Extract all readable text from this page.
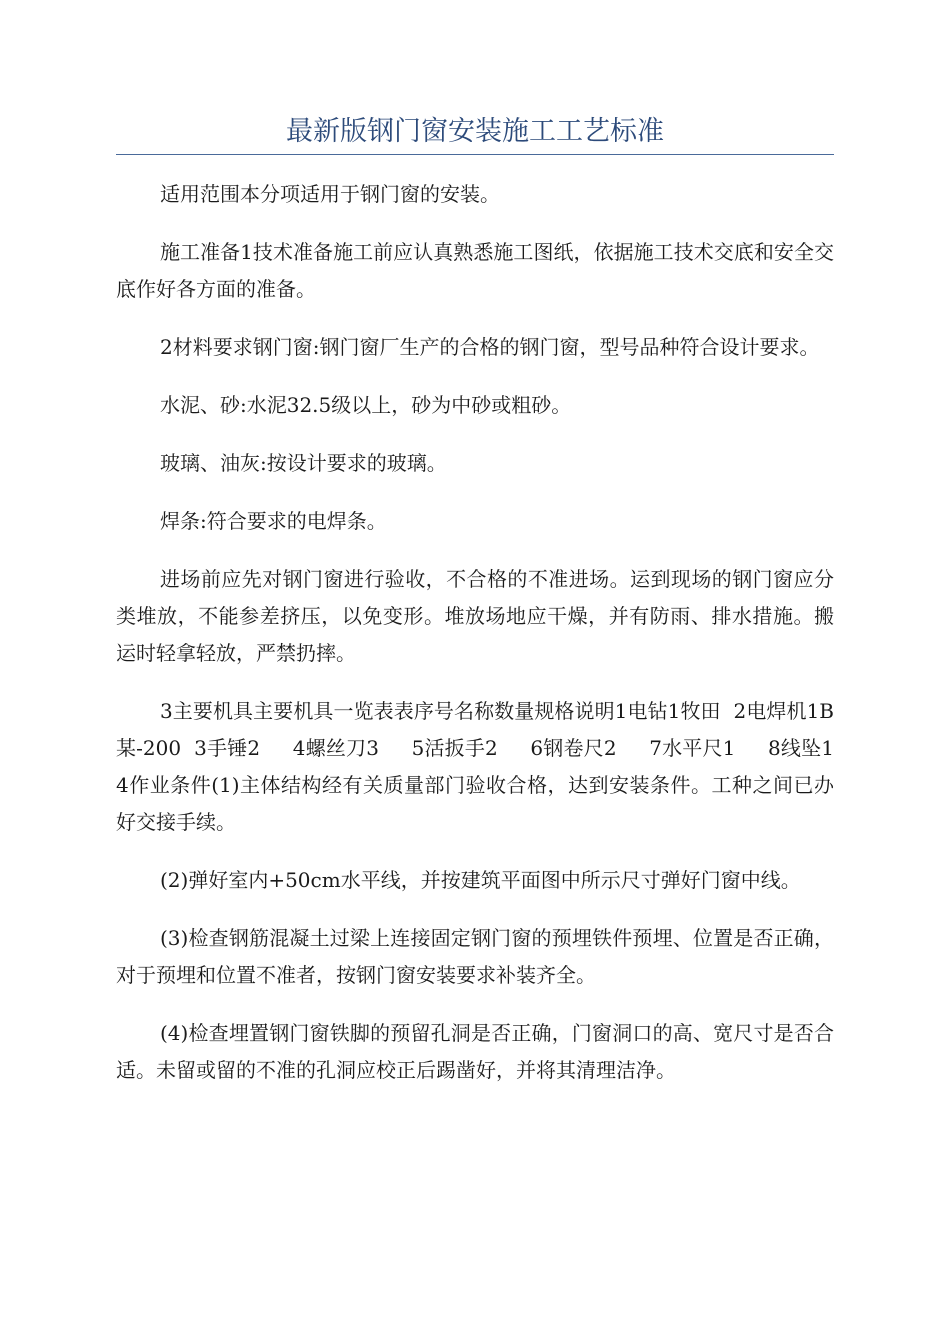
最新版钢门窗安装施工工艺标准

适用范围本分项适用于钢门窗的安装。

施工准备1技术准备施工前应认真熟悉施工图纸，依据施工技术交底和安全交底作好各方面的准备。

2材料要求钢门窗:钢门窗厂生产的合格的钢门窗，型号品种符合设计要求。

水泥、砂:水泥32.5级以上，砂为中砂或粗砂。

玻璃、油灰:按设计要求的玻璃。

焊条:符合要求的电焊条。

进场前应先对钢门窗进行验收，不合格的不准进场。运到现场的钢门窗应分类堆放，不能参差挤压，以免变形。堆放场地应干燥，并有防雨、排水措施。搬运时轻拿轻放，严禁扔摔。

3主要机具主要机具一览表表序号名称数量规格说明1电钻1牧田  2电焊机1B某-200  3手锤2     4螺丝刀3     5活扳手2     6钢卷尺2     7水平尺1     8线坠1        4作业条件(1)主体结构经有关质量部门验收合格，达到安装条件。工种之间已办好交接手续。

(2)弹好室内+50cm水平线，并按建筑平面图中所示尺寸弹好门窗中线。

(3)检查钢筋混凝土过梁上连接固定钢门窗的预埋铁件预埋、位置是否正确，对于预埋和位置不准者，按钢门窗安装要求补装齐全。

(4)检查埋置钢门窗铁脚的预留孔洞是否正确，门窗洞口的高、宽尺寸是否合适。未留或留的不准的孔洞应校正后踢凿好，并将其清理洁净。
